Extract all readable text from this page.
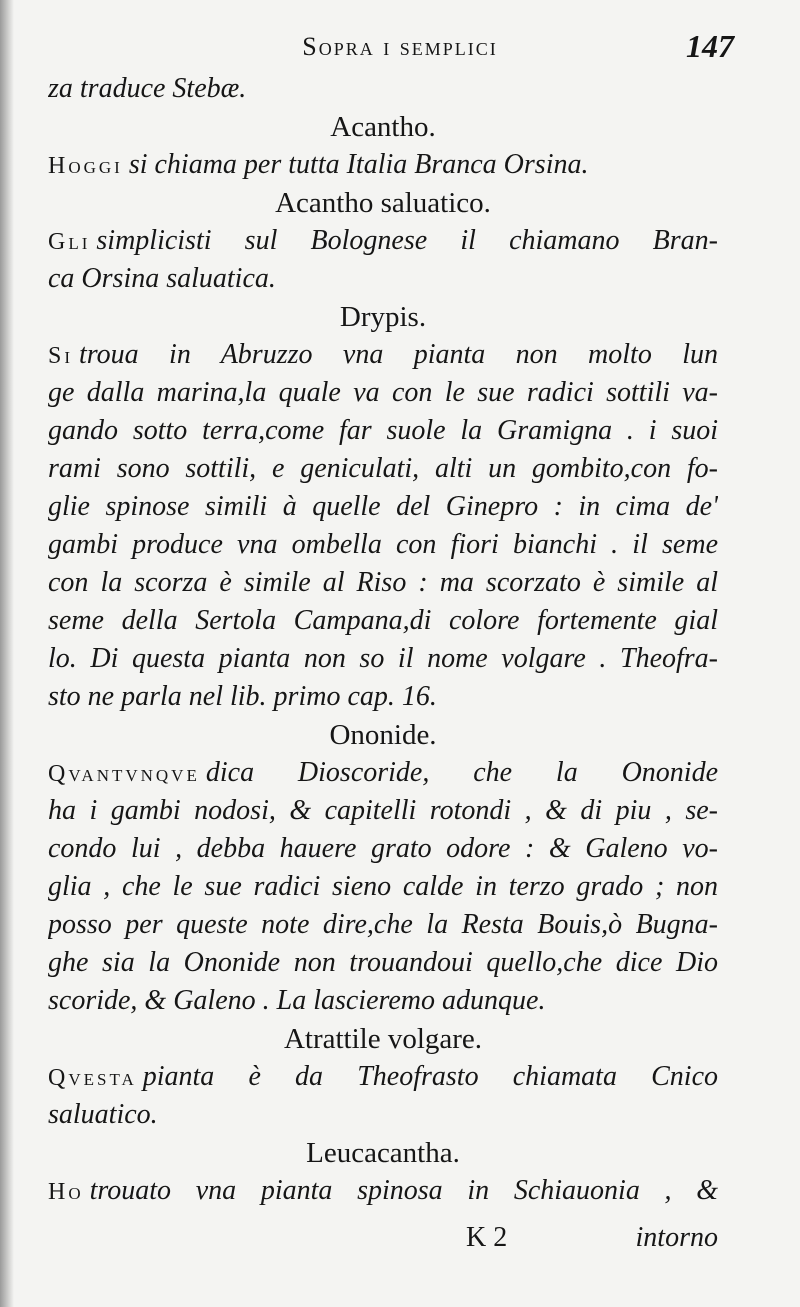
Sopra i semplici	147
za traduce Stebæ.
Acantho.
Hoggi si chiama per tutta Italia Branca Orsina.
Acantho saluatico.
Gli simplicisti sul Bolognese il chiamano Bran-
ca Orsina saluatica.
Drypis.
Si troua in Abruzzo vna pianta non molto lun
ge dalla marina,la quale va con le sue radici sottili va-
gando sotto terra,come far suole la Gramigna . i suoi
rami sono sottili, e geniculati, alti un gombito,con fo-
glie spinose simili à quelle del Ginepro : in cima de'
gambi produce vna ombella con fiori bianchi . il seme
con la scorza è simile al Riso : ma scorzato è simile al
seme della Sertola Campana,di colore fortemente gial
lo. Di questa pianta non so il nome volgare . Theofra-
sto ne parla nel lib. primo cap. 16.
Ononide.
Qvantvnqve dica Dioscoride, che la Ononide
ha i gambi nodosi, & capitelli rotondi , & di piu , se-
condo lui , debba hauere grato odore : & Galeno vo-
glia , che le sue radici sieno calde in terzo grado ; non
posso per queste note dire,che la Resta Bouis,ò Bugna-
ghe sia la Ononide non trouandoui quello,che dice Dio
scoride, & Galeno . La lascieremo adunque.
Atrattile volgare.
Qvesta pianta è da Theofrasto chiamata Cnico
saluatico.
Leucacantha.
Ho trouato vna pianta spinosa in Schiauonia , &
K 2	intorno
